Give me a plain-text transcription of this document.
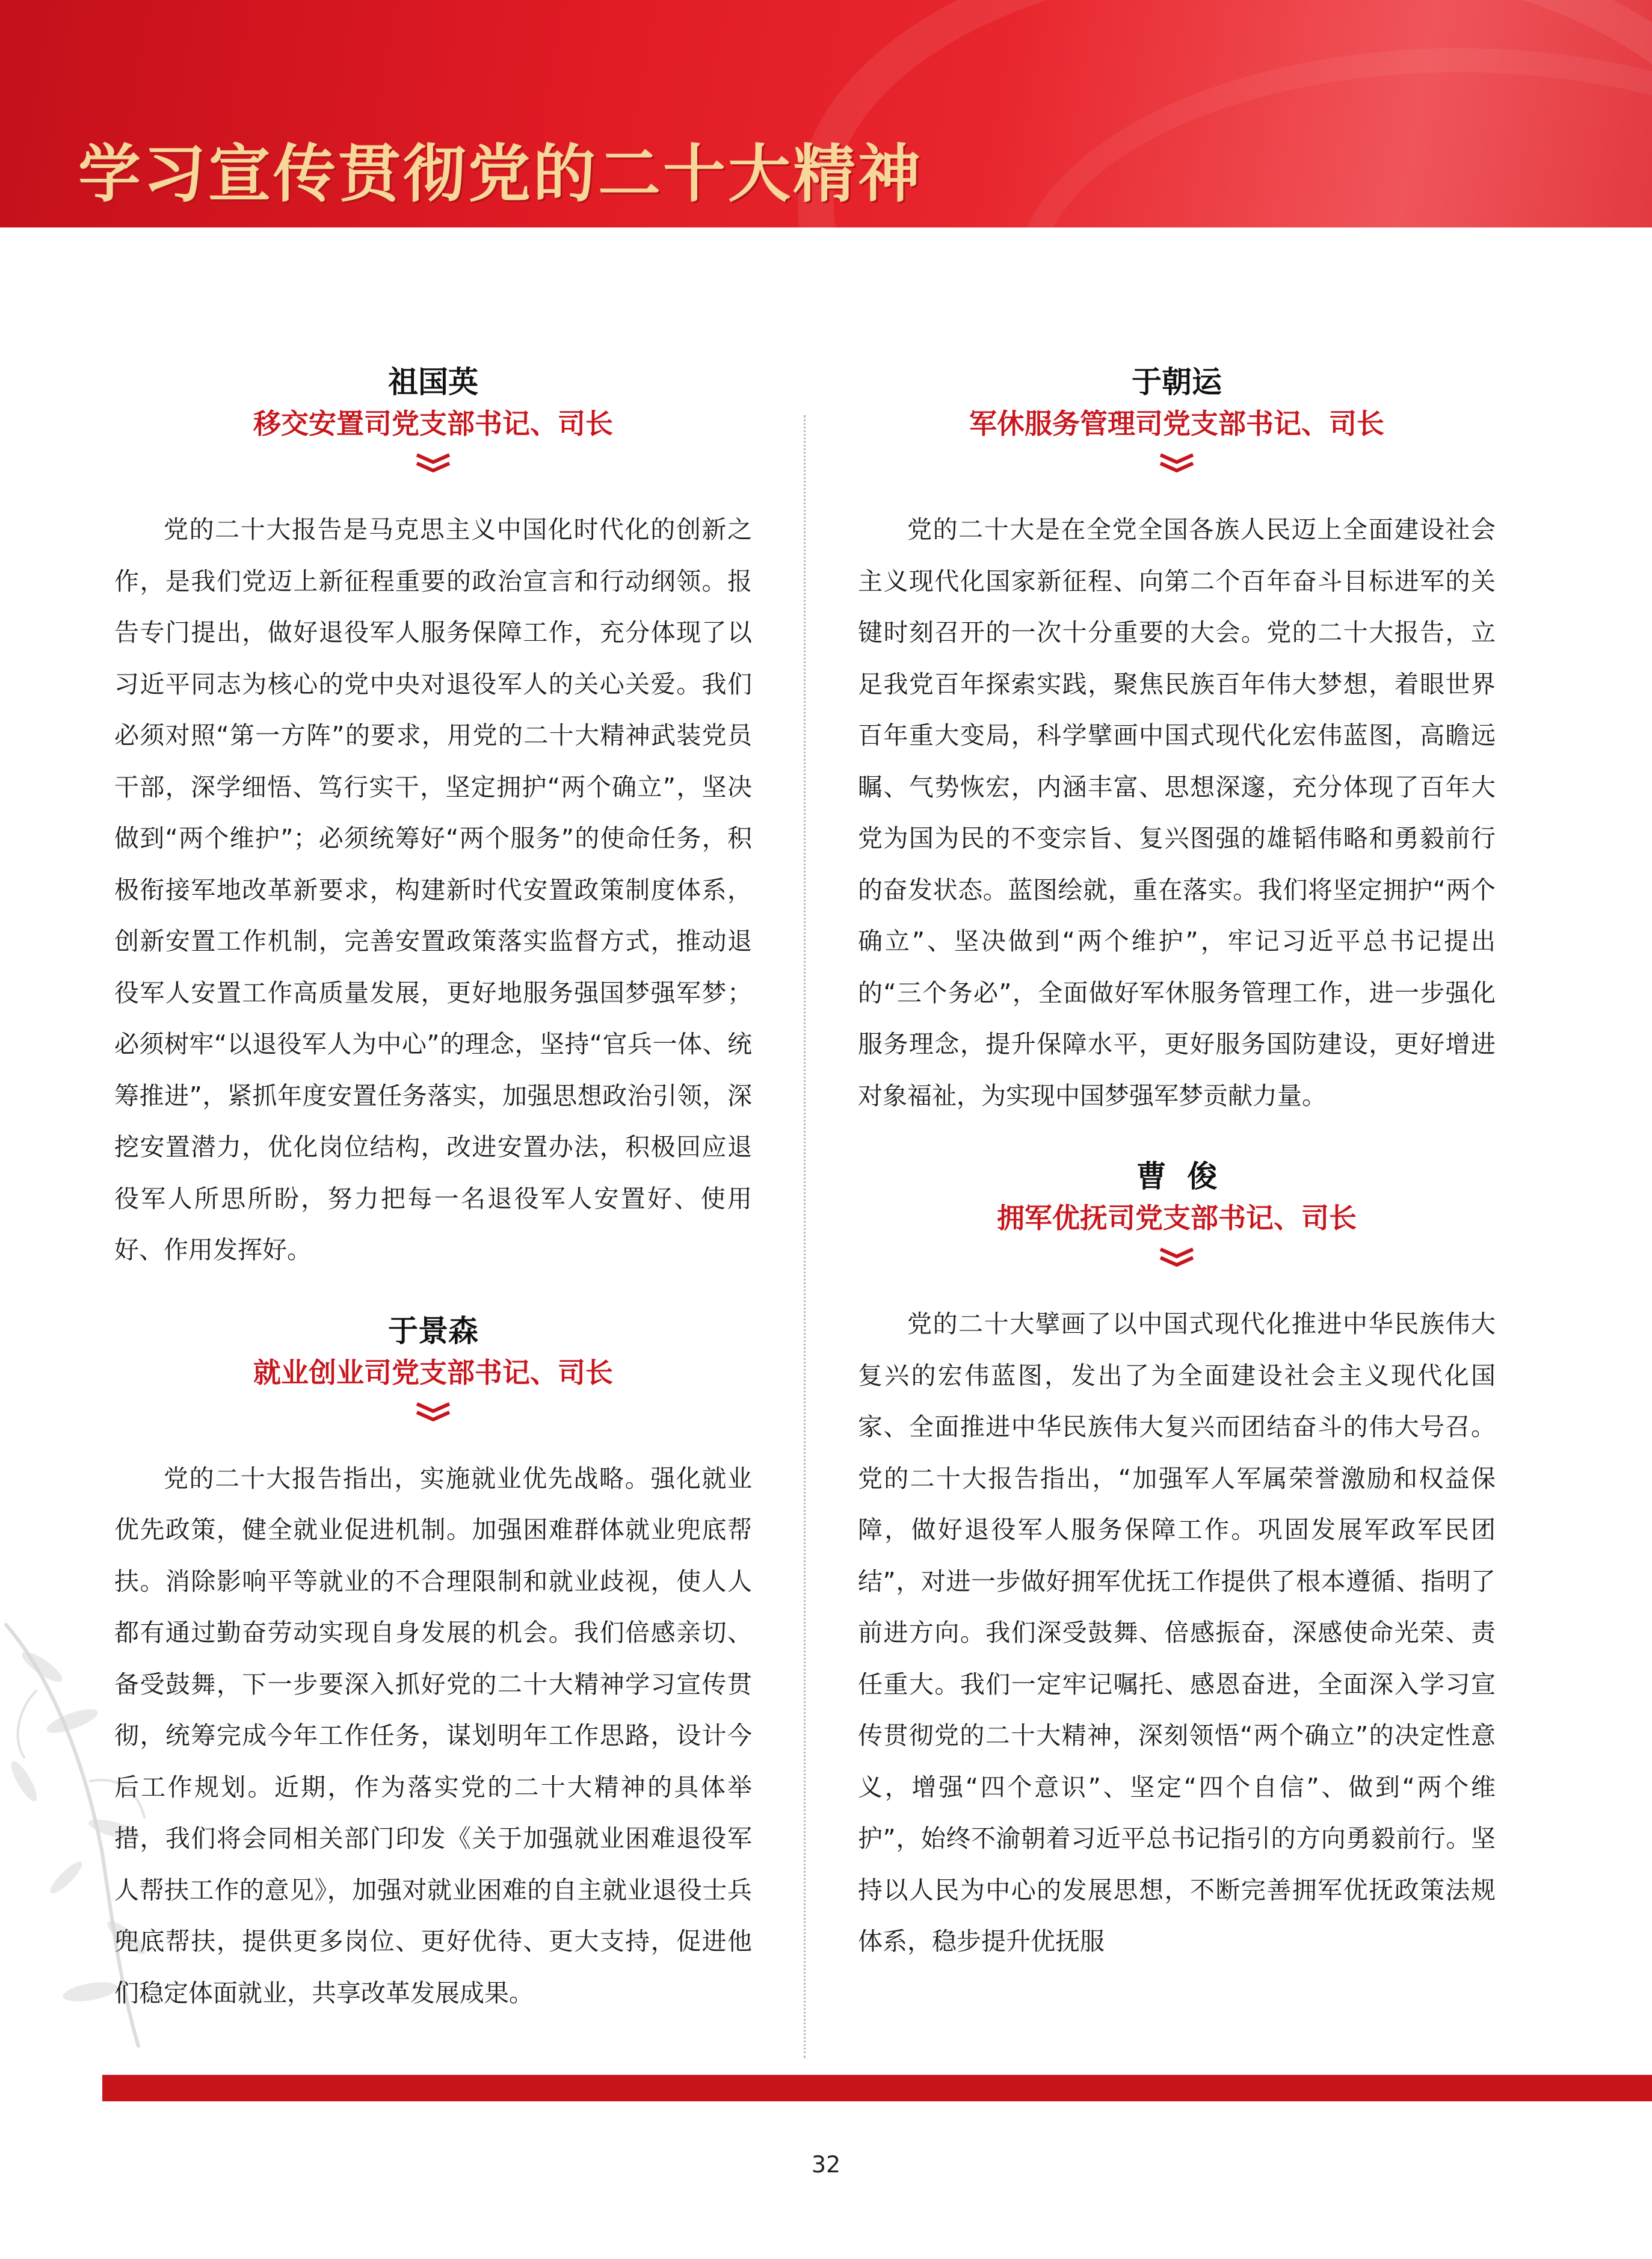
学习宣传贯彻党的二十大精神
祖国英
移交安置司党支部书记、司长

党的二十大报告是马克思主义中国化时代化的创新之作，是我们党迈上新征程重要的政治宣言和行动纲领。报告专门提出，做好退役军人服务保障工作，充分体现了以习近平同志为核心的党中央对退役军人的关心关爱。我们必须对照“第一方阵”的要求，用党的二十大精神武装党员干部，深学细悟、笃行实干，坚定拥护“两个确立”，坚决做到“两个维护”；必须统筹好“两个服务”的使命任务，积极衔接军地改革新要求，构建新时代安置政策制度体系，创新安置工作机制，完善安置政策落实监督方式，推动退役军人安置工作高质量发展，更好地服务强国梦强军梦；必须树牢“以退役军人为中心”的理念，坚持“官兵一体、统筹推进”，紧抓年度安置任务落实，加强思想政治引领，深挖安置潜力，优化岗位结构，改进安置办法，积极回应退役军人所思所盼，努力把每一名退役军人安置好、使用好、作用发挥好。

于景森
就业创业司党支部书记、司长

党的二十大报告指出，实施就业优先战略。强化就业优先政策，健全就业促进机制。加强困难群体就业兜底帮扶。消除影响平等就业的不合理限制和就业歧视，使人人都有通过勤奋劳动实现自身发展的机会。我们倍感亲切、备受鼓舞，下一步要深入抓好党的二十大精神学习宣传贯彻，统筹完成今年工作任务，谋划明年工作思路，设计今后工作规划。近期，作为落实党的二十大精神的具体举措，我们将会同相关部门印发《关于加强就业困难退役军人帮扶工作的意见》，加强对就业困难的自主就业退役士兵兜底帮扶，提供更多岗位、更好优待、更大支持，促进他们稳定体面就业，共享改革发展成果。

于朝运
军休服务管理司党支部书记、司长

党的二十大是在全党全国各族人民迈上全面建设社会主义现代化国家新征程、向第二个百年奋斗目标进军的关键时刻召开的一次十分重要的大会。党的二十大报告，立足我党百年探索实践，聚焦民族百年伟大梦想，着眼世界百年重大变局，科学擘画中国式现代化宏伟蓝图，高瞻远瞩、气势恢宏，内涵丰富、思想深邃，充分体现了百年大党为国为民的不变宗旨、复兴图强的雄韬伟略和勇毅前行的奋发状态。蓝图绘就，重在落实。我们将坚定拥护“两个确立”、坚决做到“两个维护”，牢记习近平总书记提出的“三个务必”，全面做好军休服务管理工作，进一步强化服务理念，提升保障水平，更好服务国防建设，更好增进对象福祉，为实现中国梦强军梦贡献力量。

曹  俊
拥军优抚司党支部书记、司长

党的二十大擘画了以中国式现代化推进中华民族伟大复兴的宏伟蓝图，发出了为全面建设社会主义现代化国家、全面推进中华民族伟大复兴而团结奋斗的伟大号召。党的二十大报告指出，“加强军人军属荣誉激励和权益保障，做好退役军人服务保障工作。巩固发展军政军民团结”，对进一步做好拥军优抚工作提供了根本遵循、指明了前进方向。我们深受鼓舞、倍感振奋，深感使命光荣、责任重大。我们一定牢记嘱托、感恩奋进，全面深入学习宣传贯彻党的二十大精神，深刻领悟“两个确立”的决定性意义，增强“四个意识”、坚定“四个自信”、做到“两个维护”，始终不渝朝着习近平总书记指引的方向勇毅前行。坚持以人民为中心的发展思想，不断完善拥军优抚政策法规体系，稳步提升优抚服

32
